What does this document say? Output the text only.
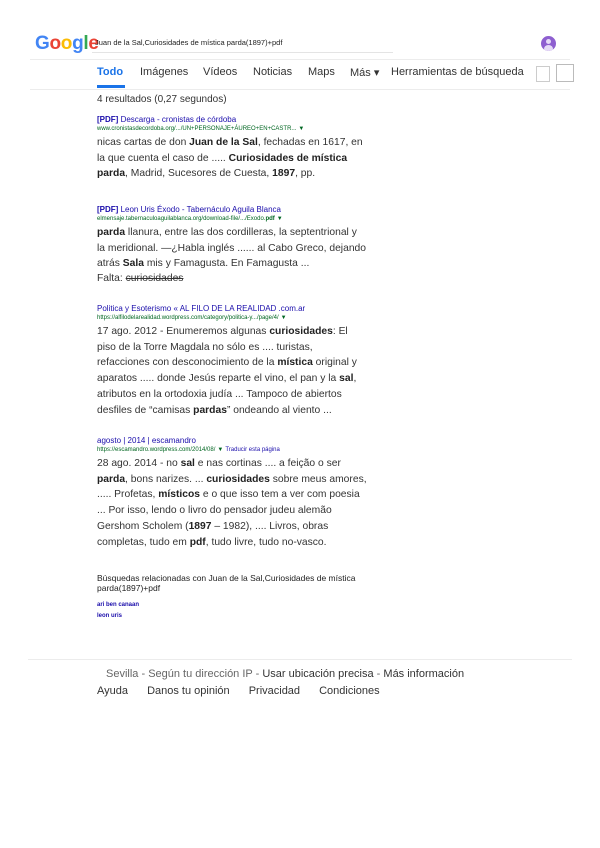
Google
Juan de la Sal,Curiosidades de mística parda(1897)+pdf
Todo Imágenes Vídeos Noticias Maps Más ▾ Herramientas de búsqueda
4 resultados (0,27 segundos)
[PDF] Descarga - cronistas de córdoba
www.cronistasdecordoba.org/.../UN+PERSONAJE+ÁUREO+EN+CASTR... ▼
nicas cartas de don Juan de la Sal, fechadas en 1617, en la que cuenta el caso de ..... Curiosidades de mística parda, Madrid, Sucesores de Cuesta, 1897, pp.
[PDF] Leon Uris Éxodo - Tabernáculo Aguila Blanca
elmensaje.tabernaculoaguilablanca.org/download-file/.../Exodo.pdf ▼
parda llanura, entre las dos cordilleras, la septentrional y la meridional. —¿Habla inglés ...... al Cabo Greco, dejando atrás Sala mis y Famagusta. En Famagusta ...
Falta: curiosidades
Politica y Esoterismo « AL FILO DE LA REALIDAD .com.ar
https://alfilodelarealidad.wordpress.com/category/politica-y.../page/4/ ▼
17 ago. 2012 - Enumeremos algunas curiosidades: El piso de la Torre Magdala no sólo es .... turistas, refacciones con desconocimiento de la mística original y aparatos ..... donde Jesús reparte el vino, el pan y la sal, atributos en la ortodoxia judía ... Tampoco de abiertos desfiles de “camisas pardas” ondeando al viento ...
agosto | 2014 | escamandro
https://escamandro.wordpress.com/2014/08/ ▼ Traducir esta página
28 ago. 2014 - no sal e nas cortinas .... a feição o ser parda, bons narizes. ... curiosidades sobre meus amores, ..... Profetas, místicos e o que isso tem a ver com poesia ... Por isso, lendo o livro do pensador judeu alemão Gershom Scholem (1897 – 1982), .... Livros, obras completas, tudo em pdf, tudo livre, tudo no-vasco.
Búsquedas relacionadas con Juan de la Sal,Curiosidades de mística parda(1897)+pdf
ari ben canaan
leon uris
Sevilla - Según tu dirección IP - Usar ubicación precisa - Más información
Ayuda Danos tu opinión Privacidad Condiciones
